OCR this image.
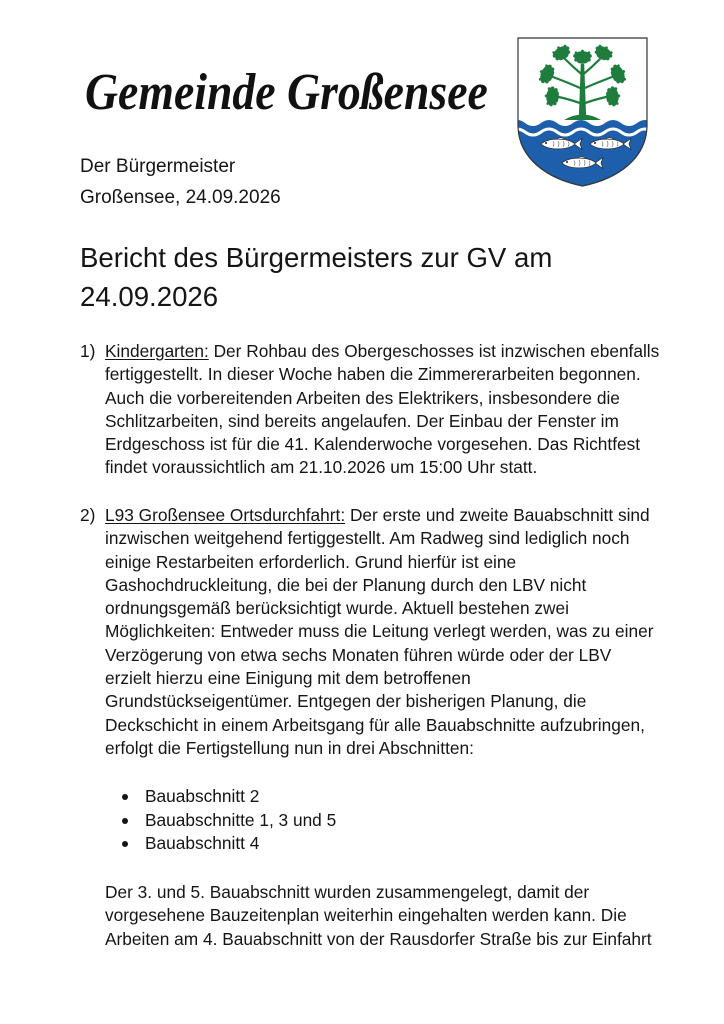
Gemeinde Großensee
Der Bürgermeister
Großensee, 24.09.2026
Bericht des Bürgermeisters zur GV am
24.09.2026
1) Kindergarten: Der Rohbau des Obergeschosses ist inzwischen ebenfalls
fertiggestellt. In dieser Woche haben die Zimmererarbeiten begonnen.
Auch die vorbereitenden Arbeiten des Elektrikers, insbesondere die
Schlitzarbeiten, sind bereits angelaufen. Der Einbau der Fenster im
Erdgeschoss ist für die 41. Kalenderwoche vorgesehen. Das Richtfest
findet voraussichtlich am 21.10.2026 um 15:00 Uhr statt.
2) L93 Großensee Ortsdurchfahrt: Der erste und zweite Bauabschnitt sind
inzwischen weitgehend fertiggestellt. Am Radweg sind lediglich noch
einige Restarbeiten erforderlich. Grund hierfür ist eine
Gashochdruckleitung, die bei der Planung durch den LBV nicht
ordnungsgemäß berücksichtigt wurde. Aktuell bestehen zwei
Möglichkeiten: Entweder muss die Leitung verlegt werden, was zu einer
Verzögerung von etwa sechs Monaten führen würde oder der LBV
erzielt hierzu eine Einigung mit dem betroffenen
Grundstückseigentümer. Entgegen der bisherigen Planung, die
Deckschicht in einem Arbeitsgang für alle Bauabschnitte aufzubringen,
erfolgt die Fertigstellung nun in drei Abschnitten:
Bauabschnitt 2
Bauabschnitte 1, 3 und 5
Bauabschnitt 4
Der 3. und 5. Bauabschnitt wurden zusammengelegt, damit der
vorgesehene Bauzeitenplan weiterhin eingehalten werden kann. Die
Arbeiten am 4. Bauabschnitt von der Rausdorfer Straße bis zur Einfahrt
